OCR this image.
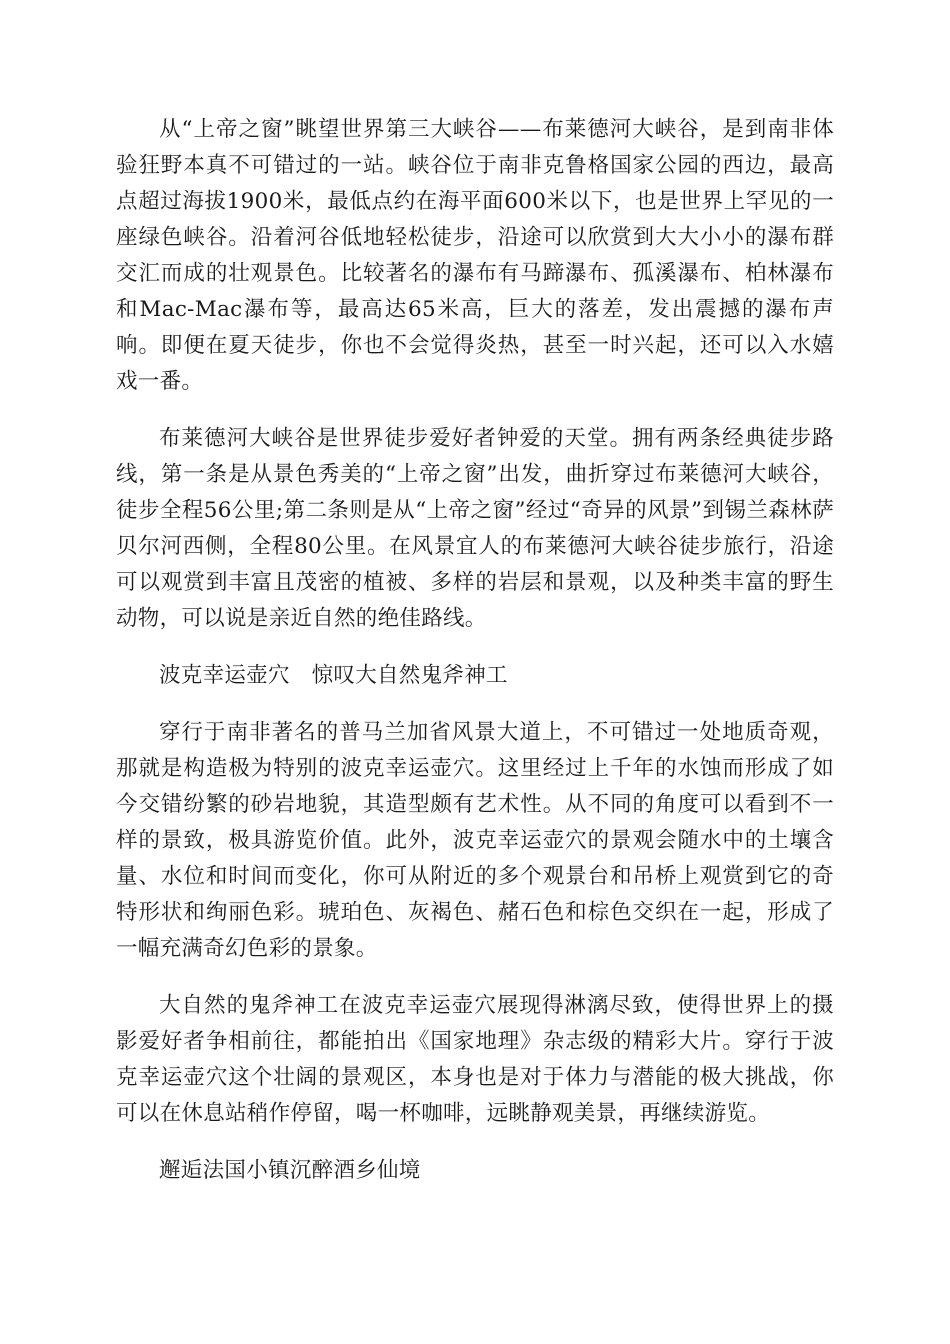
从“上帝之窗”眺望世界第三大峡谷——布莱德河大峡谷，是到南非体验狂野本真不可错过的一站。峡谷位于南非克鲁格国家公园的西边，最高点超过海拔1900米，最低点约在海平面600米以下，也是世界上罕见的一座绿色峡谷。沿着河谷低地轻松徒步，沿途可以欣赏到大大小小的瀑布群交汇而成的壮观景色。比较著名的瀑布有马蹄瀑布、孤溪瀑布、柏林瀑布和Mac-Mac瀑布等，最高达65米高，巨大的落差，发出震撼的瀑布声响。即便在夏天徒步，你也不会觉得炎热，甚至一时兴起，还可以入水嬉戏一番。

布莱德河大峡谷是世界徒步爱好者钟爱的天堂。拥有两条经典徒步路线，第一条是从景色秀美的“上帝之窗”出发，曲折穿过布莱德河大峡谷，徒步全程56公里;第二条则是从“上帝之窗”经过“奇异的风景”到锡兰森林萨贝尔河西侧，全程80公里。在风景宜人的布莱德河大峡谷徒步旅行，沿途可以观赏到丰富且茂密的植被、多样的岩层和景观，以及种类丰富的野生动物，可以说是亲近自然的绝佳路线。

波克幸运壶穴　惊叹大自然鬼斧神工

穿行于南非著名的普马兰加省风景大道上，不可错过一处地质奇观，那就是构造极为特别的波克幸运壶穴。这里经过上千年的水蚀而形成了如今交错纷繁的砂岩地貌，其造型颇有艺术性。从不同的角度可以看到不一样的景致，极具游览价值。此外，波克幸运壶穴的景观会随水中的土壤含量、水位和时间而变化，你可从附近的多个观景台和吊桥上观赏到它的奇特形状和绚丽色彩。琥珀色、灰褐色、赭石色和棕色交织在一起，形成了一幅充满奇幻色彩的景象。

大自然的鬼斧神工在波克幸运壶穴展现得淋漓尽致，使得世界上的摄影爱好者争相前往，都能拍出《国家地理》杂志级的精彩大片。穿行于波克幸运壶穴这个壮阔的景观区，本身也是对于体力与潜能的极大挑战，你可以在休息站稍作停留，喝一杯咖啡，远眺静观美景，再继续游览。

邂逅法国小镇沉醉酒乡仙境
